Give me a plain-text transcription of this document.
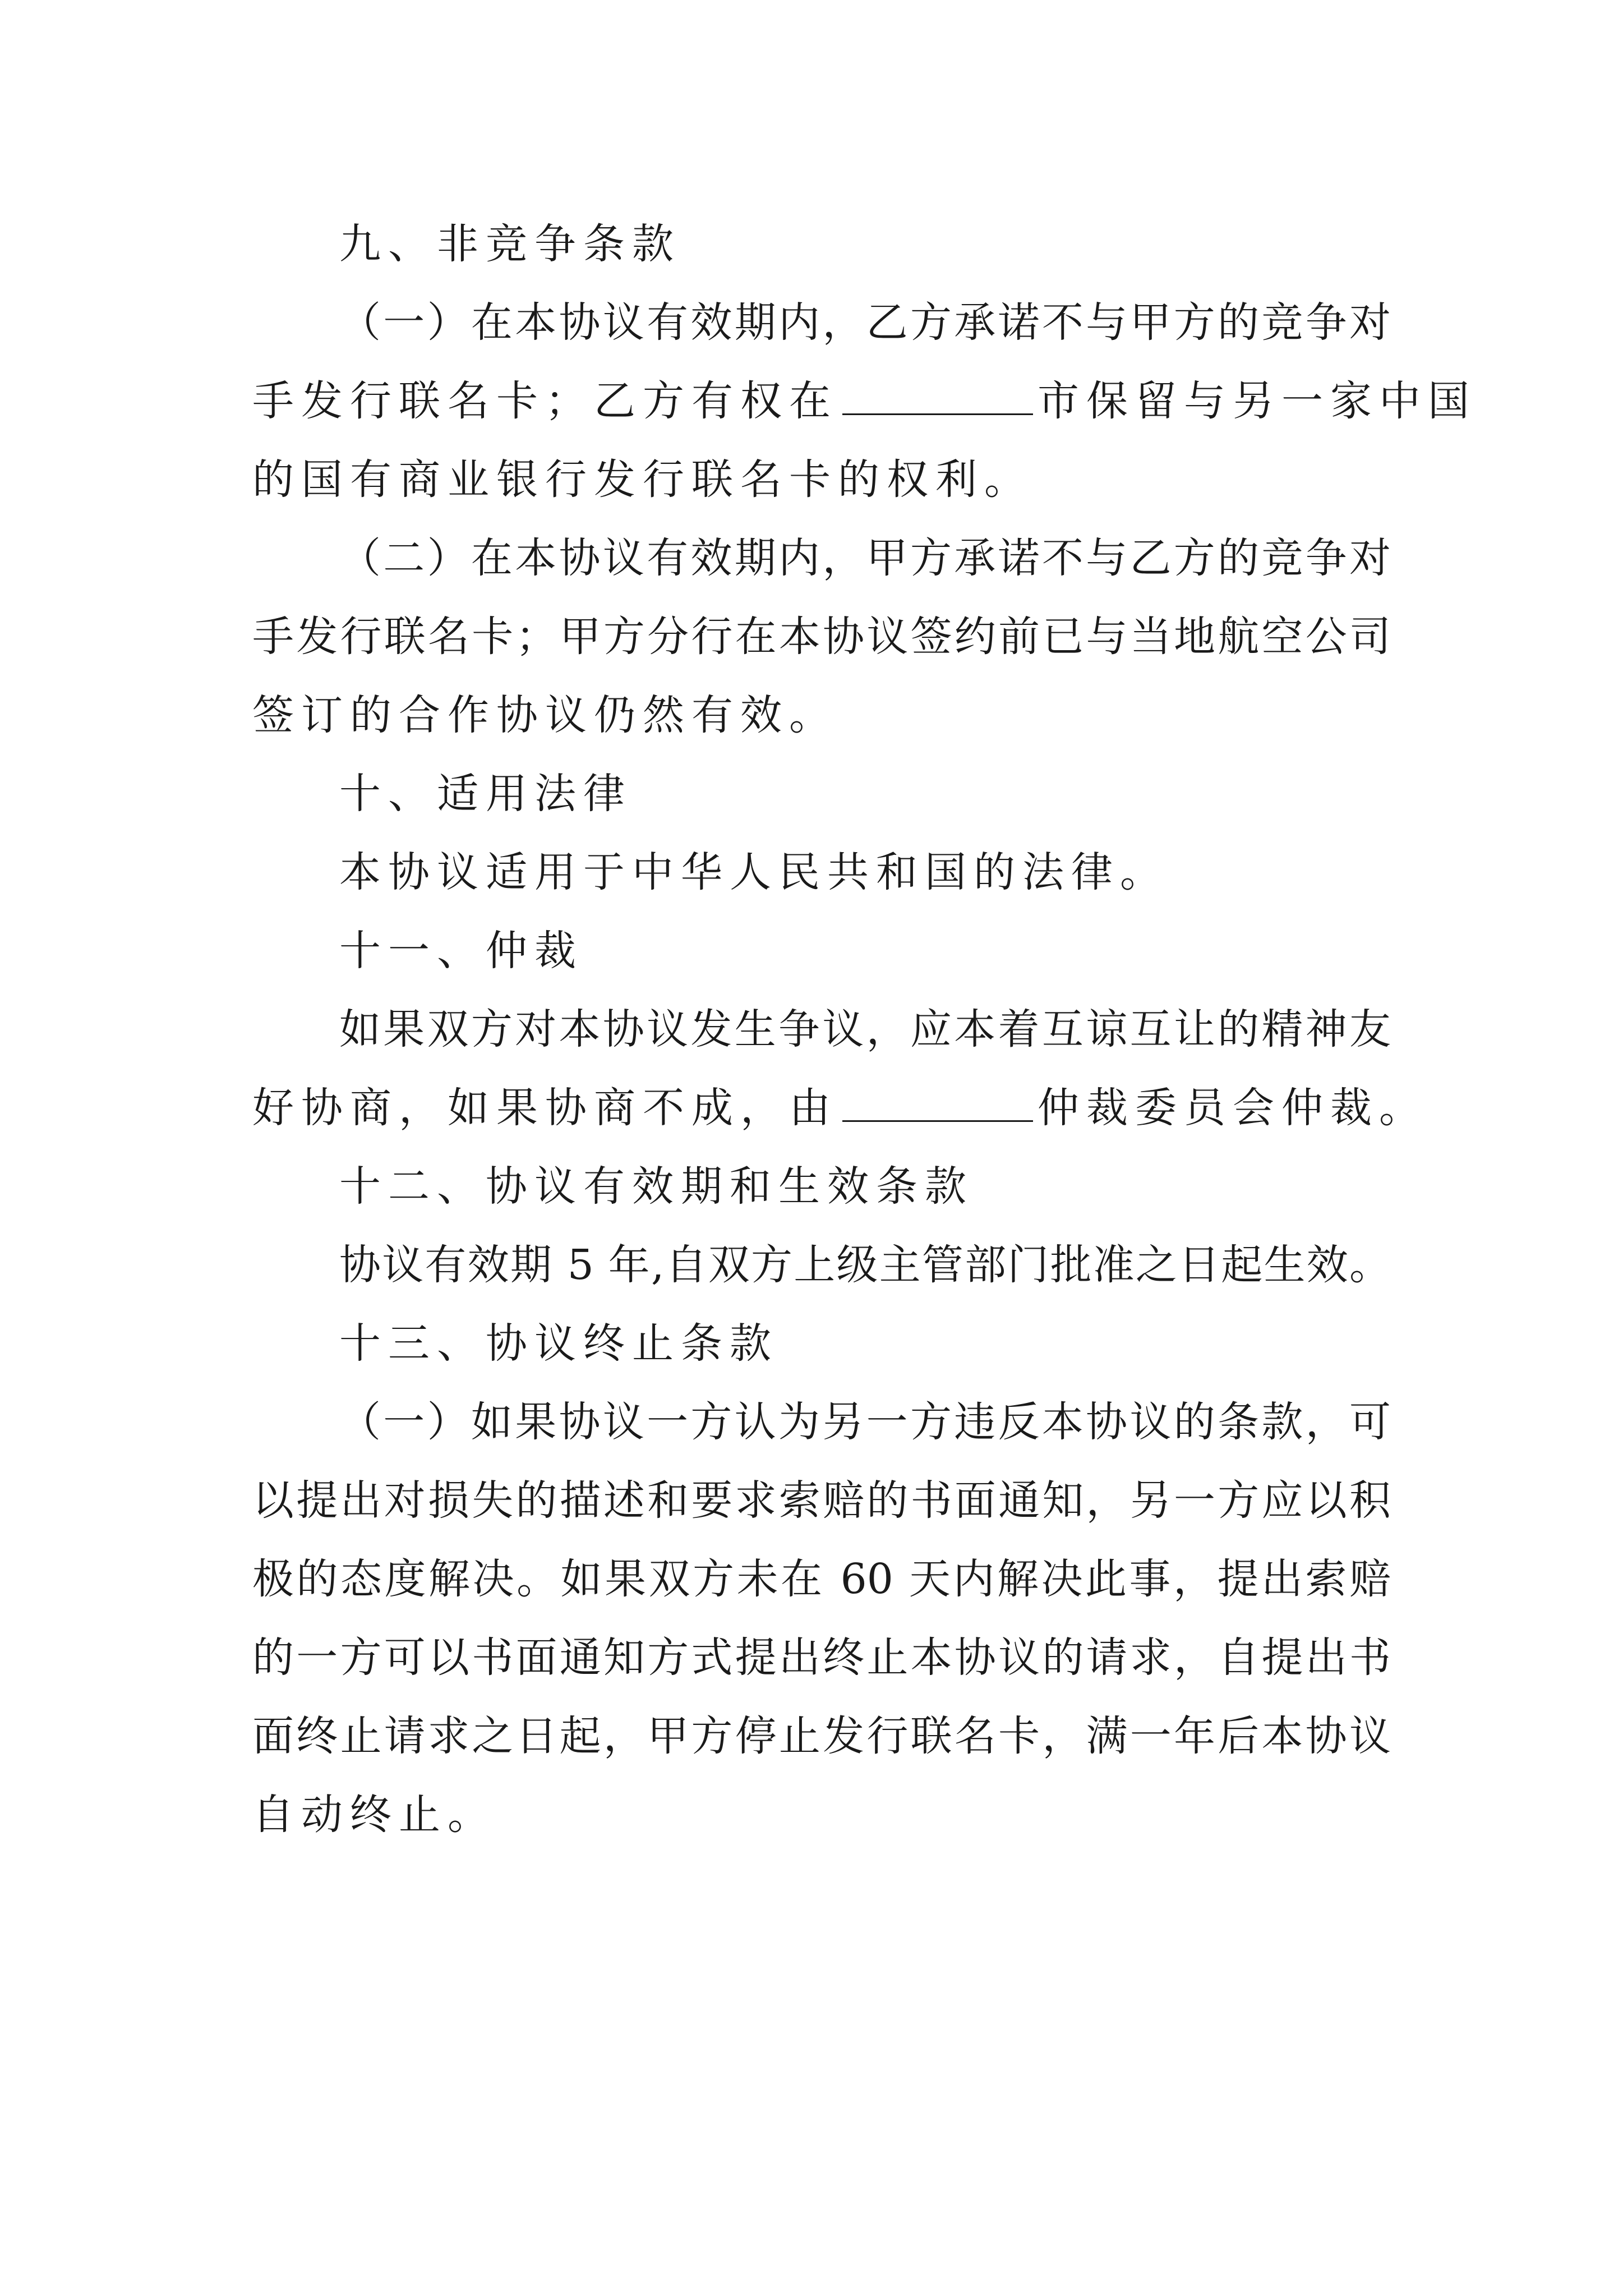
九、非竞争条款
（一）在本协议有效期内，乙方承诺不与甲方的竞争对
手发行联名卡；乙方有权在	市保留与另一家中国
的国有商业银行发行联名卡的权利。
（二）在本协议有效期内，甲方承诺不与乙方的竞争对
手发行联名卡；甲方分行在本协议签约前已与当地航空公司
签订的合作协议仍然有效。
十、适用法律
本协议适用于中华人民共和国的法律。
十一、仲裁
如果双方对本协议发生争议，应本着互谅互让的精神友
好协商，如果协商不成，由	仲裁委员会仲裁。
十二、协议有效期和生效条款
协议有效期 5 年,自双方上级主管部门批准之日起生效。
十三、协议终止条款
（一）如果协议一方认为另一方违反本协议的条款，可
以提出对损失的描述和要求索赔的书面通知，另一方应以积
极的态度解决。如果双方未在 60 天内解决此事，提出索赔
的一方可以书面通知方式提出终止本协议的请求，自提出书
面终止请求之日起，甲方停止发行联名卡，满一年后本协议
自动终止。
